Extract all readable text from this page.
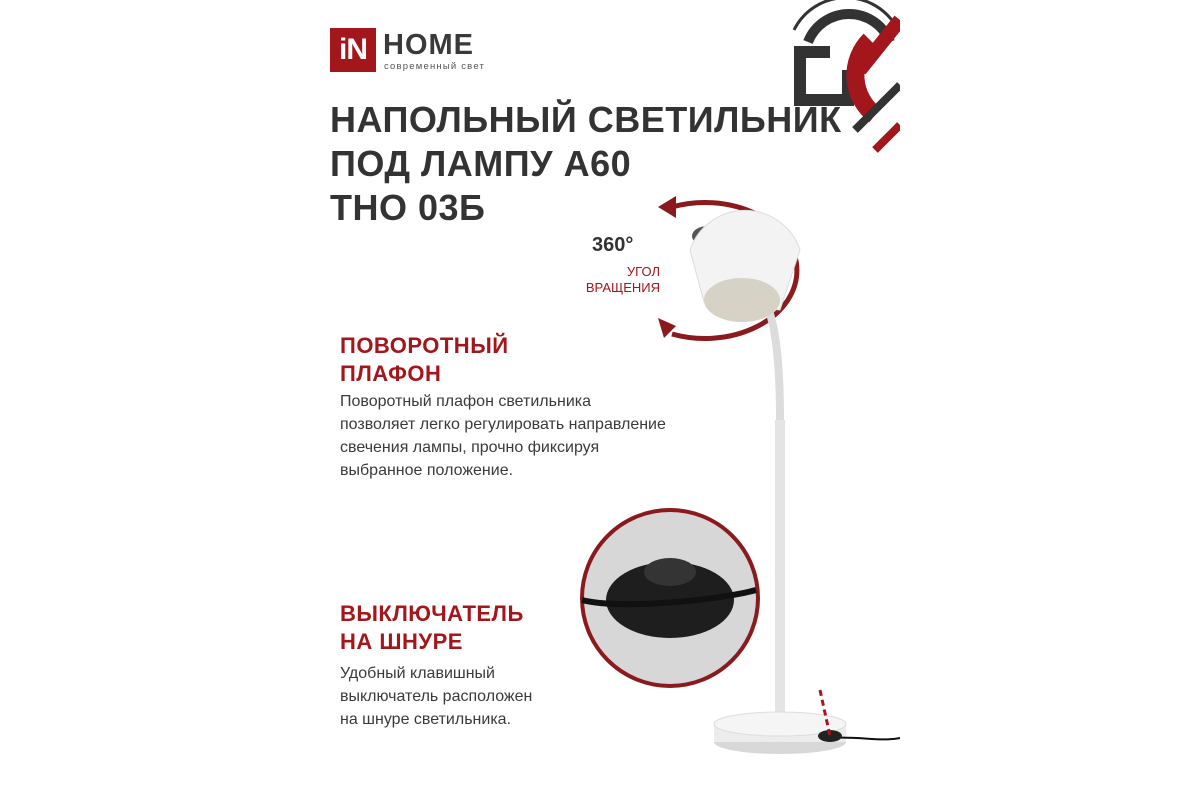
iN HOME
современный свет
НАПОЛЬНЫЙ СВЕТИЛЬНИК
ПОД ЛАМПУ А60
THO 03Б
360°
УГОЛ
ВРАЩЕНИЯ
ПОВОРОТНЫЙ
ПЛАФОН

Поворотный плафон светильника
позволяет легко регулировать направление
свечения лампы, прочно фиксируя
выбранное положение.

ВЫКЛЮЧАТЕЛЬ
НА ШНУРЕ

Удобный клавишный
выключатель расположен
на шнуре светильника.
